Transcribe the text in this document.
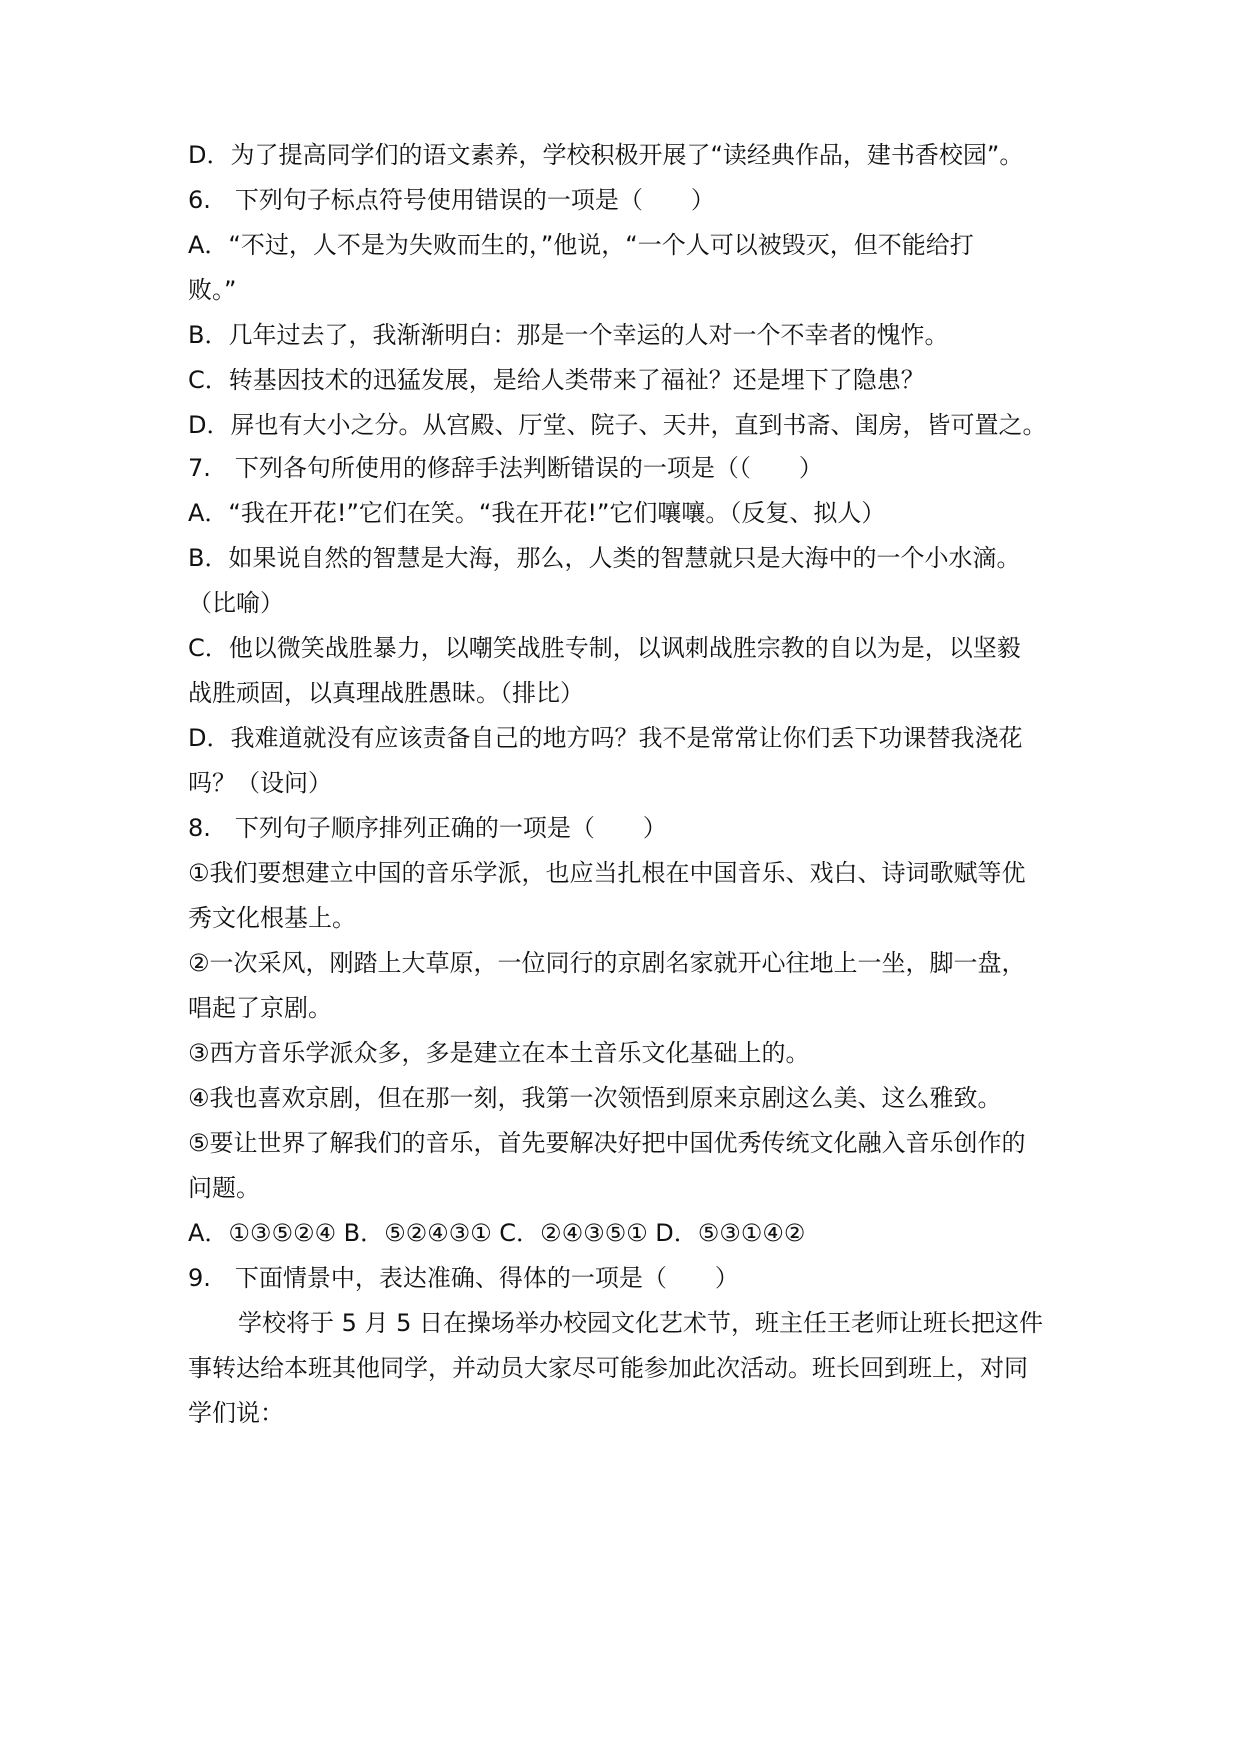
D．为了提高同学们的语文素养，学校积极开展了“读经典作品，建书香校园”。
6.　下列句子标点符号使用错误的一项是（　　）
A．“不过，人不是为失败而生的，”他说，“一个人可以被毁灭，但不能给打
败。”
B．几年过去了，我渐渐明白：那是一个幸运的人对一个不幸者的愧怍。
C．转基因技术的迅猛发展，是给人类带来了福祉？还是埋下了隐患？
D．屏也有大小之分。从宫殿、厅堂、院子、天井，直到书斋、闺房，皆可置之。
7.　下列各句所使用的修辞手法判断错误的一项是（（　　）
A．“我在开花!”它们在笑。“我在开花!”它们嚷嚷。（反复、拟人）
B．如果说自然的智慧是大海，那么，人类的智慧就只是大海中的一个小水滴。
（比喻）
C．他以微笑战胜暴力，以嘲笑战胜专制，以讽刺战胜宗教的自以为是，以坚毅
战胜顽固，以真理战胜愚昧。（排比）
D．我难道就没有应该责备自己的地方吗？我不是常常让你们丢下功课替我浇花
吗？（设问）
8.　下列句子顺序排列正确的一项是（　　）
①我们要想建立中国的音乐学派，也应当扎根在中国音乐、戏白、诗词歌赋等优
秀文化根基上。
②一次采风，刚踏上大草原，一位同行的京剧名家就开心往地上一坐，脚一盘，
唱起了京剧。
③西方音乐学派众多，多是建立在本土音乐文化基础上的。
④我也喜欢京剧，但在那一刻，我第一次领悟到原来京剧这么美、这么雅致。
⑤要让世界了解我们的音乐，首先要解决好把中国优秀传统文化融入音乐创作的
问题。
A．①③⑤②④ B．⑤②④③① C．②④③⑤① D．⑤③①④②
9.　下面情景中，表达准确、得体的一项是（　　）
学校将于 5 月 5 日在操场举办校园文化艺术节，班主任王老师让班长把这件
事转达给本班其他同学，并动员大家尽可能参加此次活动。班长回到班上，对同
学们说：
